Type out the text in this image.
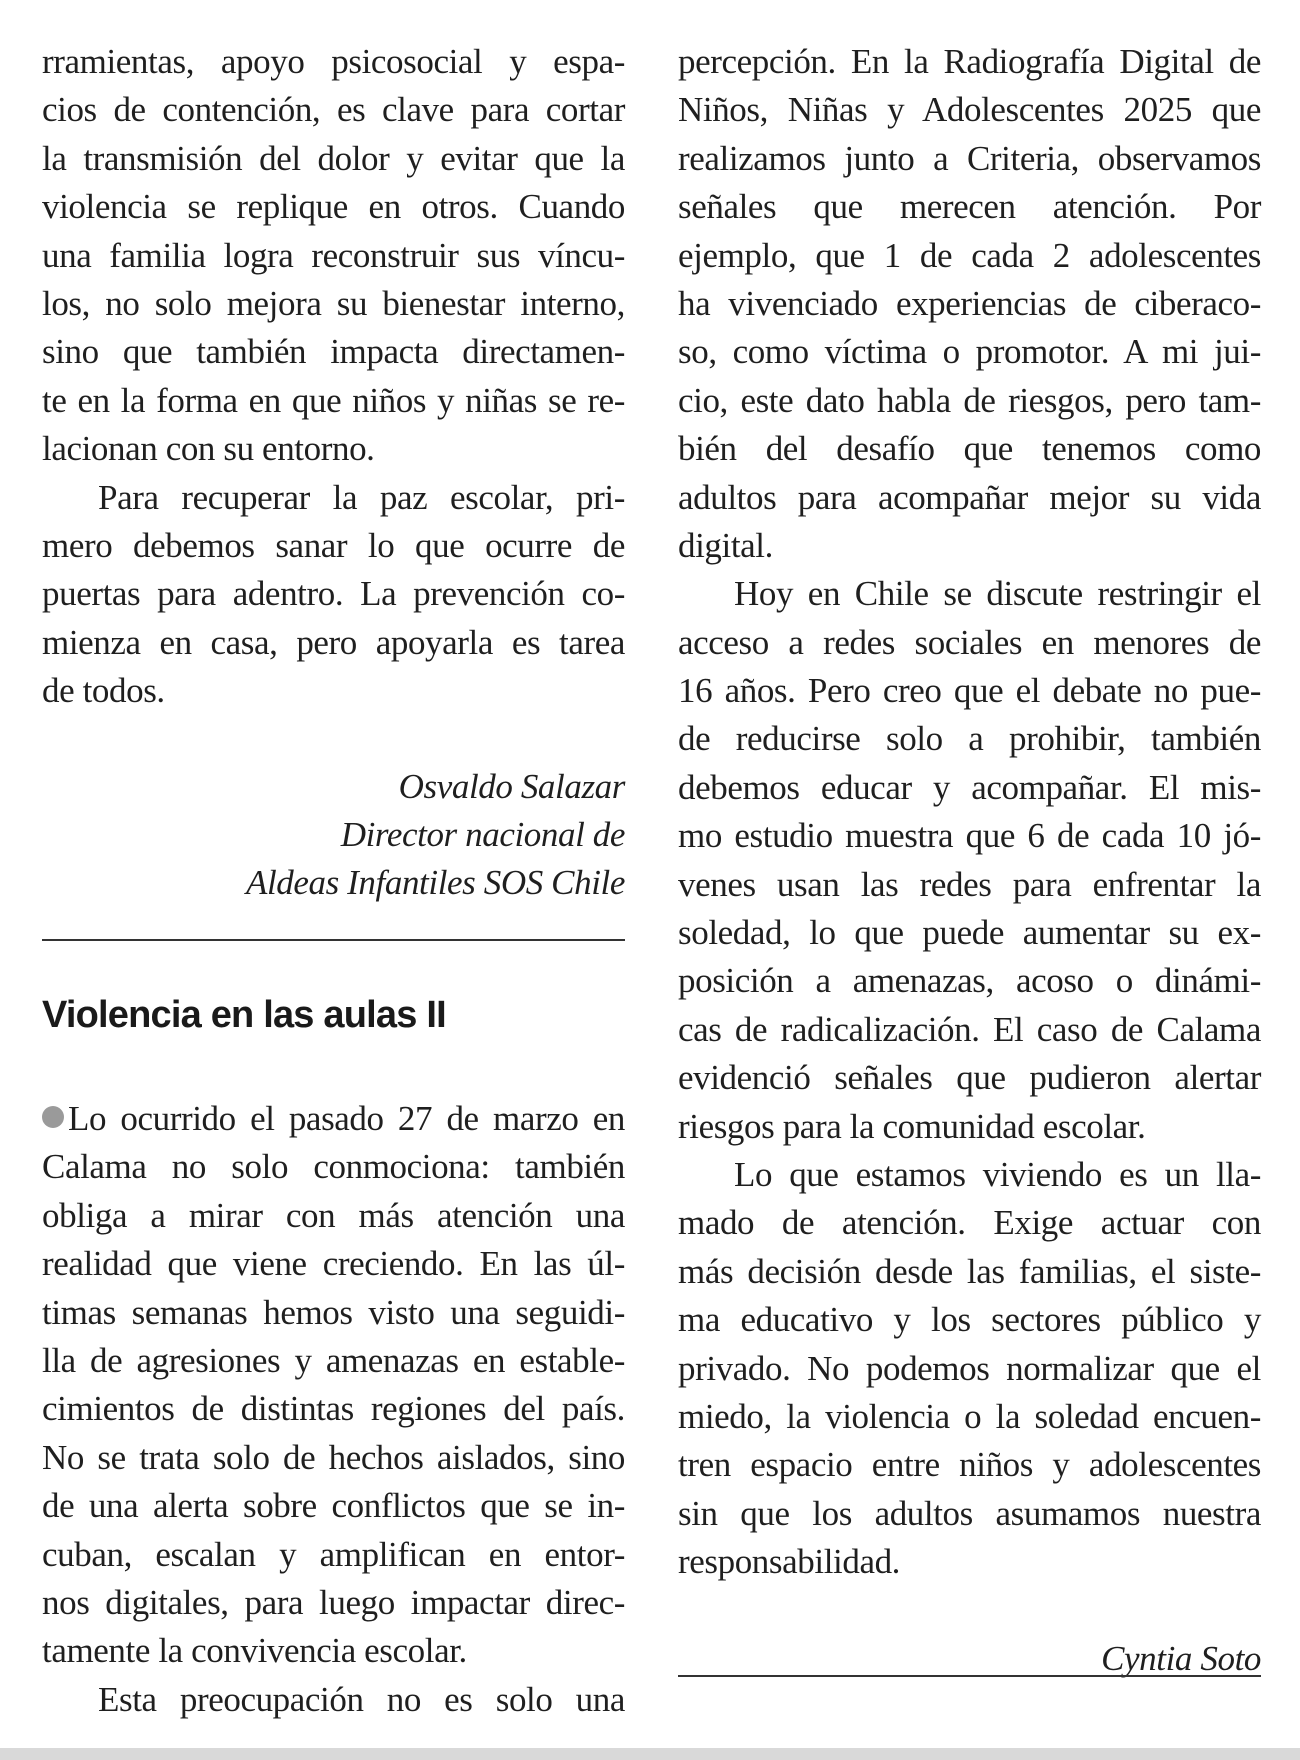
rramientas, apoyo psicosocial y espa-
cios de contención, es clave para cortar
la transmisión del dolor y evitar que la
violencia se replique en otros. Cuando
una familia logra reconstruir sus víncu-
los, no solo mejora su bienestar interno,
sino que también impacta directamen-
te en la forma en que niños y niñas se re-
lacionan con su entorno.
Para recuperar la paz escolar, pri-
mero debemos sanar lo que ocurre de
puertas para adentro. La prevención co-
mienza en casa, pero apoyarla es tarea
de todos.
Osvaldo Salazar
Director nacional de
Aldeas Infantiles SOS Chile
Violencia en las aulas II
Lo ocurrido el pasado 27 de marzo en
Calama no solo conmociona: también
obliga a mirar con más atención una
realidad que viene creciendo. En las úl-
timas semanas hemos visto una seguidi-
lla de agresiones y amenazas en estable-
cimientos de distintas regiones del país.
No se trata solo de hechos aislados, sino
de una alerta sobre conflictos que se in-
cuban, escalan y amplifican en entor-
nos digitales, para luego impactar direc-
tamente la convivencia escolar.
Esta preocupación no es solo una
percepción. En la Radiografía Digital de
Niños, Niñas y Adolescentes 2025 que
realizamos junto a Criteria, observamos
señales que merecen atención. Por
ejemplo, que 1 de cada 2 adolescentes
ha vivenciado experiencias de ciberaco-
so, como víctima o promotor. A mi jui-
cio, este dato habla de riesgos, pero tam-
bién del desafío que tenemos como
adultos para acompañar mejor su vida
digital.
Hoy en Chile se discute restringir el
acceso a redes sociales en menores de
16 años. Pero creo que el debate no pue-
de reducirse solo a prohibir, también
debemos educar y acompañar. El mis-
mo estudio muestra que 6 de cada 10 jó-
venes usan las redes para enfrentar la
soledad, lo que puede aumentar su ex-
posición a amenazas, acoso o dinámi-
cas de radicalización. El caso de Calama
evidenció señales que pudieron alertar
riesgos para la comunidad escolar.
Lo que estamos viviendo es un lla-
mado de atención. Exige actuar con
más decisión desde las familias, el siste-
ma educativo y los sectores público y
privado. No podemos normalizar que el
miedo, la violencia o la soledad encuen-
tren espacio entre niños y adolescentes
sin que los adultos asumamos nuestra
responsabilidad.
Cyntia Soto
